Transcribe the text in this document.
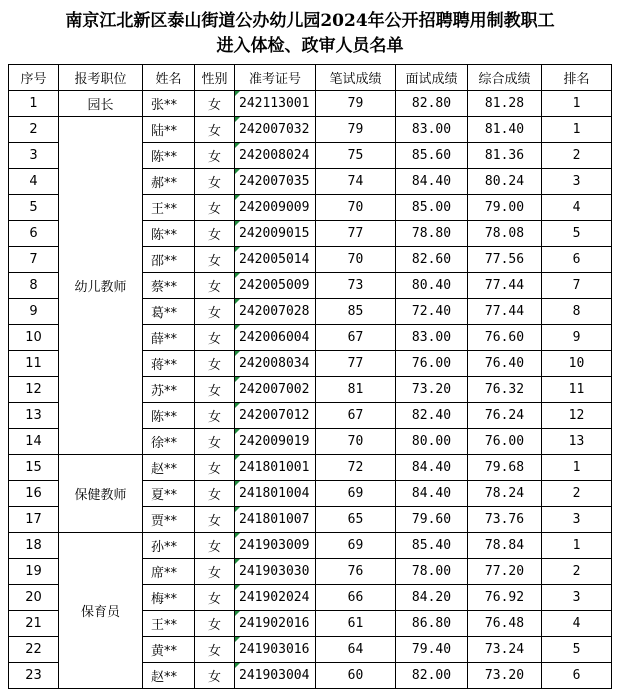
南京江北新区泰山街道公办幼儿园2024年公开招聘聘用制教职工
进入体检、政审人员名单
序号	报考职位	姓名	性别	准考证号	笔试成绩	面试成绩	综合成绩	排名
1	园长	张**	女	242113001	79	82.80	81.28	1
2	幼儿教师	陆**	女	242007032	79	83.00	81.40	1
3		陈**	女	242008024	75	85.60	81.36	2
4		郝**	女	242007035	74	84.40	80.24	3
5		王**	女	242009009	70	85.00	79.00	4
6		陈**	女	242009015	77	78.80	78.08	5
7		邵**	女	242005014	70	82.60	77.56	6
8		蔡**	女	242005009	73	80.40	77.44	7
9		葛**	女	242007028	85	72.40	77.44	8
10		薛**	女	242006004	67	83.00	76.60	9
11		蒋**	女	242008034	77	76.00	76.40	10
12		苏**	女	242007002	81	73.20	76.32	11
13		陈**	女	242007012	67	82.40	76.24	12
14		徐**	女	242009019	70	80.00	76.00	13
15	保健教师	赵**	女	241801001	72	84.40	79.68	1
16		夏**	女	241801004	69	84.40	78.24	2
17		贾**	女	241801007	65	79.60	73.76	3
18	保育员	孙**	女	241903009	69	85.40	78.84	1
19		席**	女	241903030	76	78.00	77.20	2
20		梅**	女	241902024	66	84.20	76.92	3
21		王**	女	241902016	61	86.80	76.48	4
22		黄**	女	241903016	64	79.40	73.24	5
23		赵**	女	241903004	60	82.00	73.20	6
